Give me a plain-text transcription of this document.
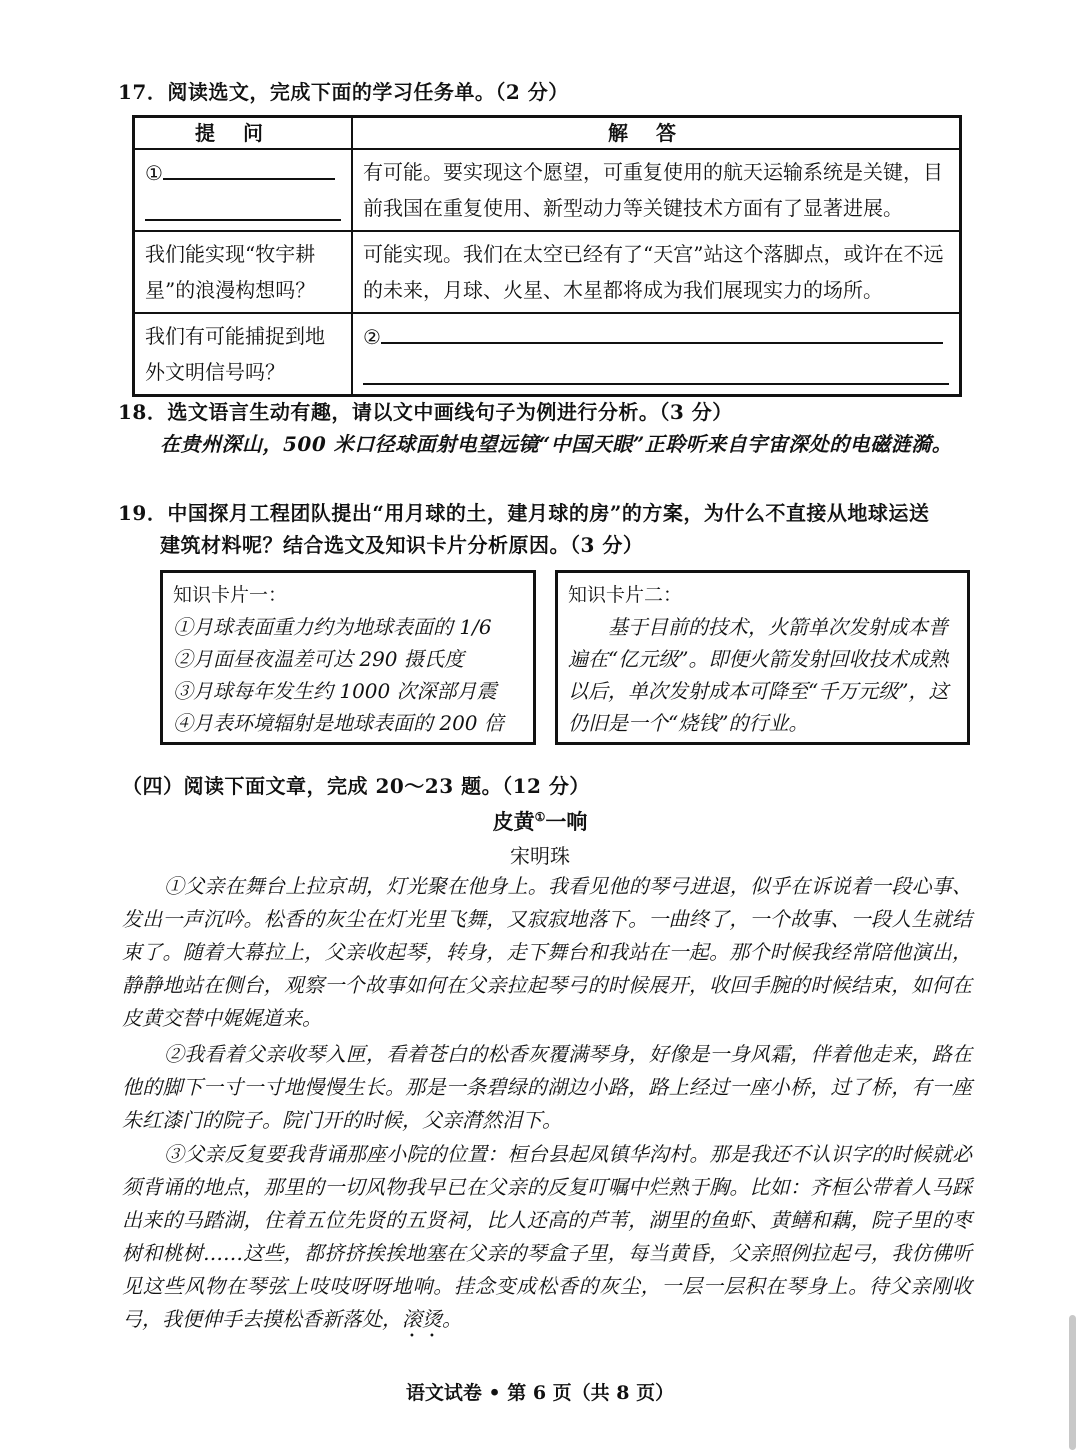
17．阅读选文，完成下面的学习任务单。（2 分）
提问	解答
①	有可能。要实现这个愿望，可重复使用的航天运输系统是关键，目前我国在重复使用、新型动力等关键技术方面有了显著进展。
我们能实现“牧宇耕星”的浪漫构想吗？	可能实现。我们在太空已经有了“天宫”站这个落脚点，或许在不远的未来，月球、火星、木星都将成为我们展现实力的场所。
我们有可能捕捉到地外文明信号吗？	②
18．选文语言生动有趣，请以文中画线句子为例进行分析。（3 分）
在贵州深山，500 米口径球面射电望远镜“中国天眼”正聆听来自宇宙深处的电磁涟漪。
19．中国探月工程团队提出“用月球的土，建月球的房”的方案，为什么不直接从地球运送
建筑材料呢？结合选文及知识卡片分析原因。（3 分）
知识卡片一：
①月球表面重力约为地球表面的 1/6
②月面昼夜温差可达 290 摄氏度
③月球每年发生约 1000 次深部月震
④月表环境辐射是地球表面的 200 倍
知识卡片二：
基于目前的技术，火箭单次发射成本普遍在“亿元级”。即便火箭发射回收技术成熟以后，单次发射成本可降至“千万元级”，这仍旧是一个“烧钱”的行业。
（四）阅读下面文章，完成 20～23 题。（12 分）
皮黄①一响
宋明珠
①父亲在舞台上拉京胡，灯光聚在他身上。我看见他的琴弓进退，似乎在诉说着一段心事、发出一声沉吟。松香的灰尘在灯光里飞舞，又寂寂地落下。一曲终了，一个故事、一段人生就结束了。随着大幕拉上，父亲收起琴，转身，走下舞台和我站在一起。那个时候我经常陪他演出，静静地站在侧台，观察一个故事如何在父亲拉起琴弓的时候展开，收回手腕的时候结束，如何在皮黄交替中娓娓道来。
②我看着父亲收琴入匣，看着苍白的松香灰覆满琴身，好像是一身风霜，伴着他走来，路在他的脚下一寸一寸地慢慢生长。那是一条碧绿的湖边小路，路上经过一座小桥，过了桥，有一座朱红漆门的院子。院门开的时候，父亲潸然泪下。
③父亲反复要我背诵那座小院的位置：桓台县起凤镇华沟村。那是我还不认识字的时候就必须背诵的地点，那里的一切风物我早已在父亲的反复叮嘱中烂熟于胸。比如：齐桓公带着人马踩出来的马踏湖，住着五位先贤的五贤祠，比人还高的芦苇，湖里的鱼虾、黄鳝和藕，院子里的枣树和桃树……这些，都挤挤挨挨地塞在父亲的琴盒子里，每当黄昏，父亲照例拉起弓，我仿佛听见这些风物在琴弦上吱吱呀呀地响。挂念变成松香的灰尘，一层一层积在琴身上。待父亲刚收弓，我便伸手去摸松香新落处，滚烫。
语文试卷 • 第 6 页（共 8 页）
